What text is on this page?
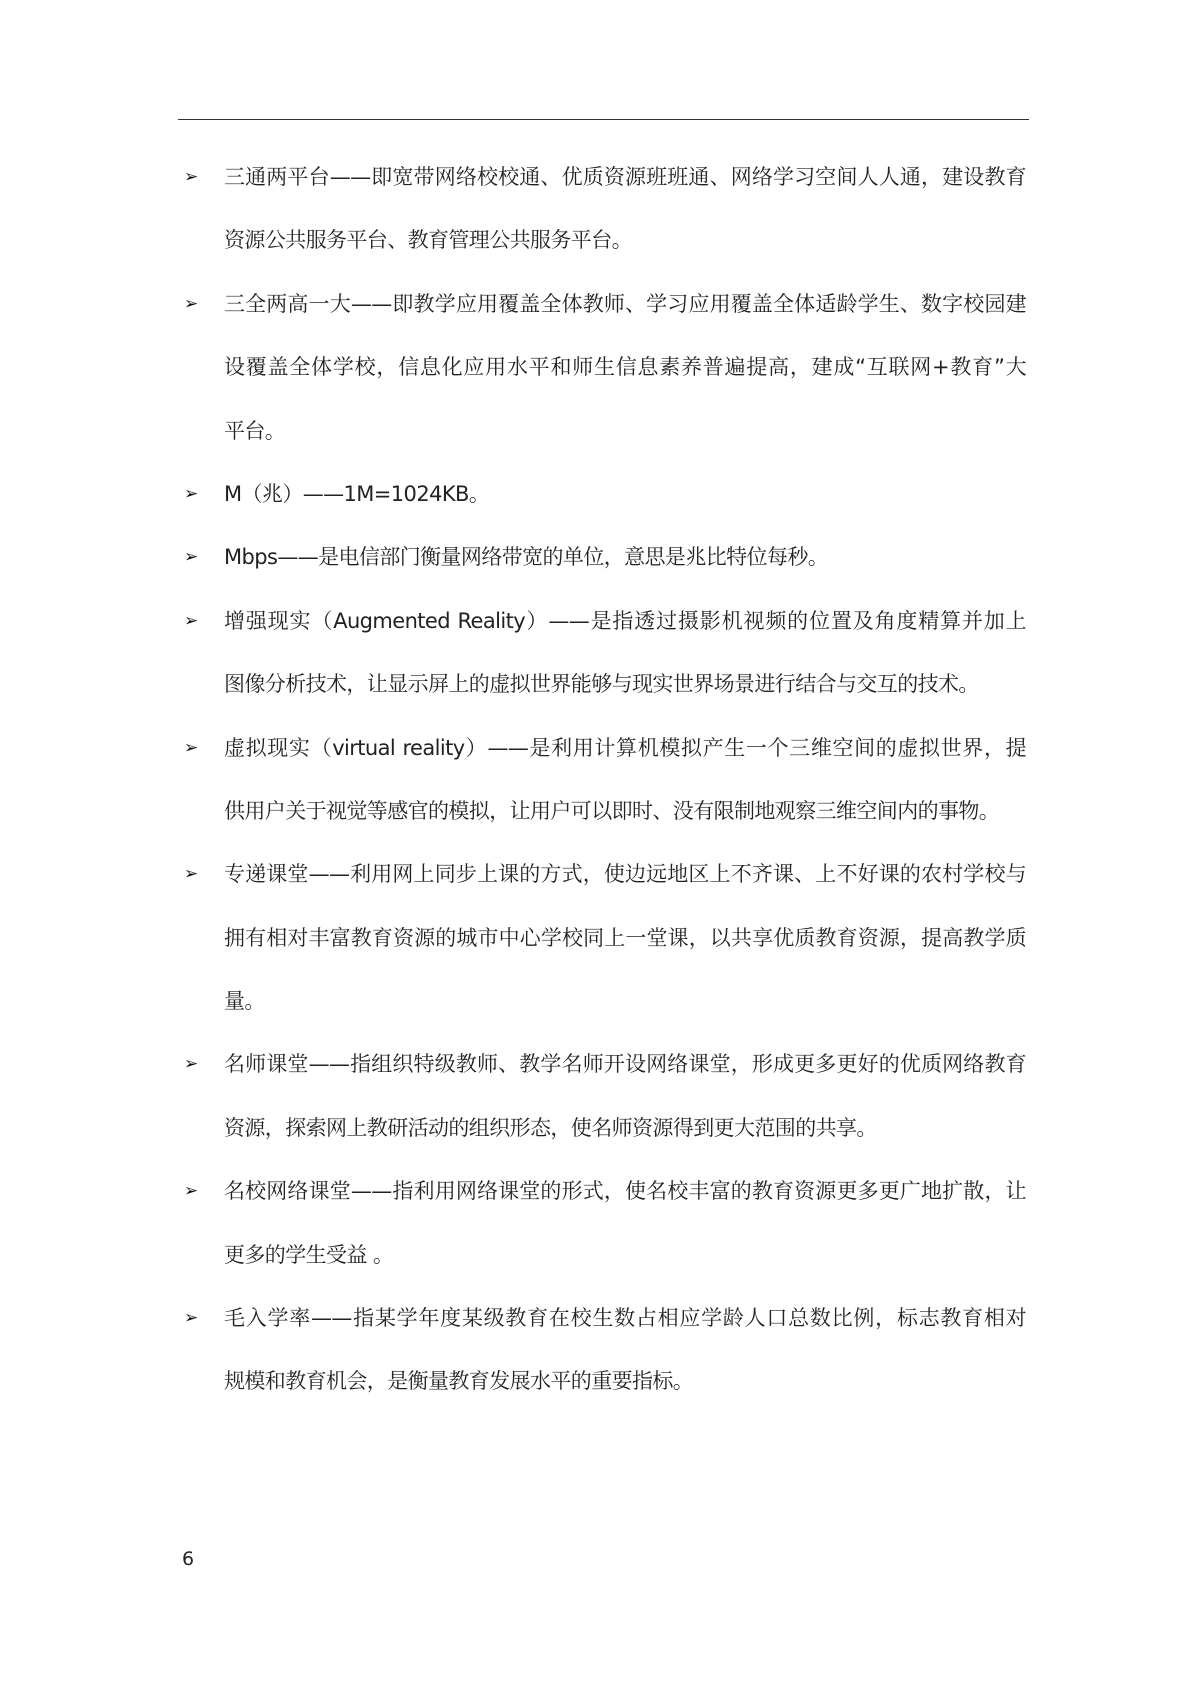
➢ 三通两平台——即宽带网络校校通、优质资源班班通、网络学习空间人人通，建设教育
资源公共服务平台、教育管理公共服务平台。
➢ 三全两高一大——即教学应用覆盖全体教师、学习应用覆盖全体适龄学生、数字校园建
设覆盖全体学校，信息化应用水平和师生信息素养普遍提高，建成“互联网+教育”大
平台。
➢ M（兆）——1M=1024KB。
➢ Mbps——是电信部门衡量网络带宽的单位，意思是兆比特位每秒。
➢ 增强现实（Augmented Reality）——是指透过摄影机视频的位置及角度精算并加上
图像分析技术，让显示屏上的虚拟世界能够与现实世界场景进行结合与交互的技术。
➢ 虚拟现实（virtual reality）——是利用计算机模拟产生一个三维空间的虚拟世界，提
供用户关于视觉等感官的模拟，让用户可以即时、没有限制地观察三维空间内的事物。
➢ 专递课堂——利用网上同步上课的方式，使边远地区上不齐课、上不好课的农村学校与
拥有相对丰富教育资源的城市中心学校同上一堂课，以共享优质教育资源，提高教学质
量。
➢ 名师课堂——指组织特级教师、教学名师开设网络课堂，形成更多更好的优质网络教育
资源，探索网上教研活动的组织形态，使名师资源得到更大范围的共享。
➢ 名校网络课堂——指利用网络课堂的形式，使名校丰富的教育资源更多更广地扩散，让
更多的学生受益 。
➢ 毛入学率——指某学年度某级教育在校生数占相应学龄人口总数比例，标志教育相对
规模和教育机会，是衡量教育发展水平的重要指标。
6
